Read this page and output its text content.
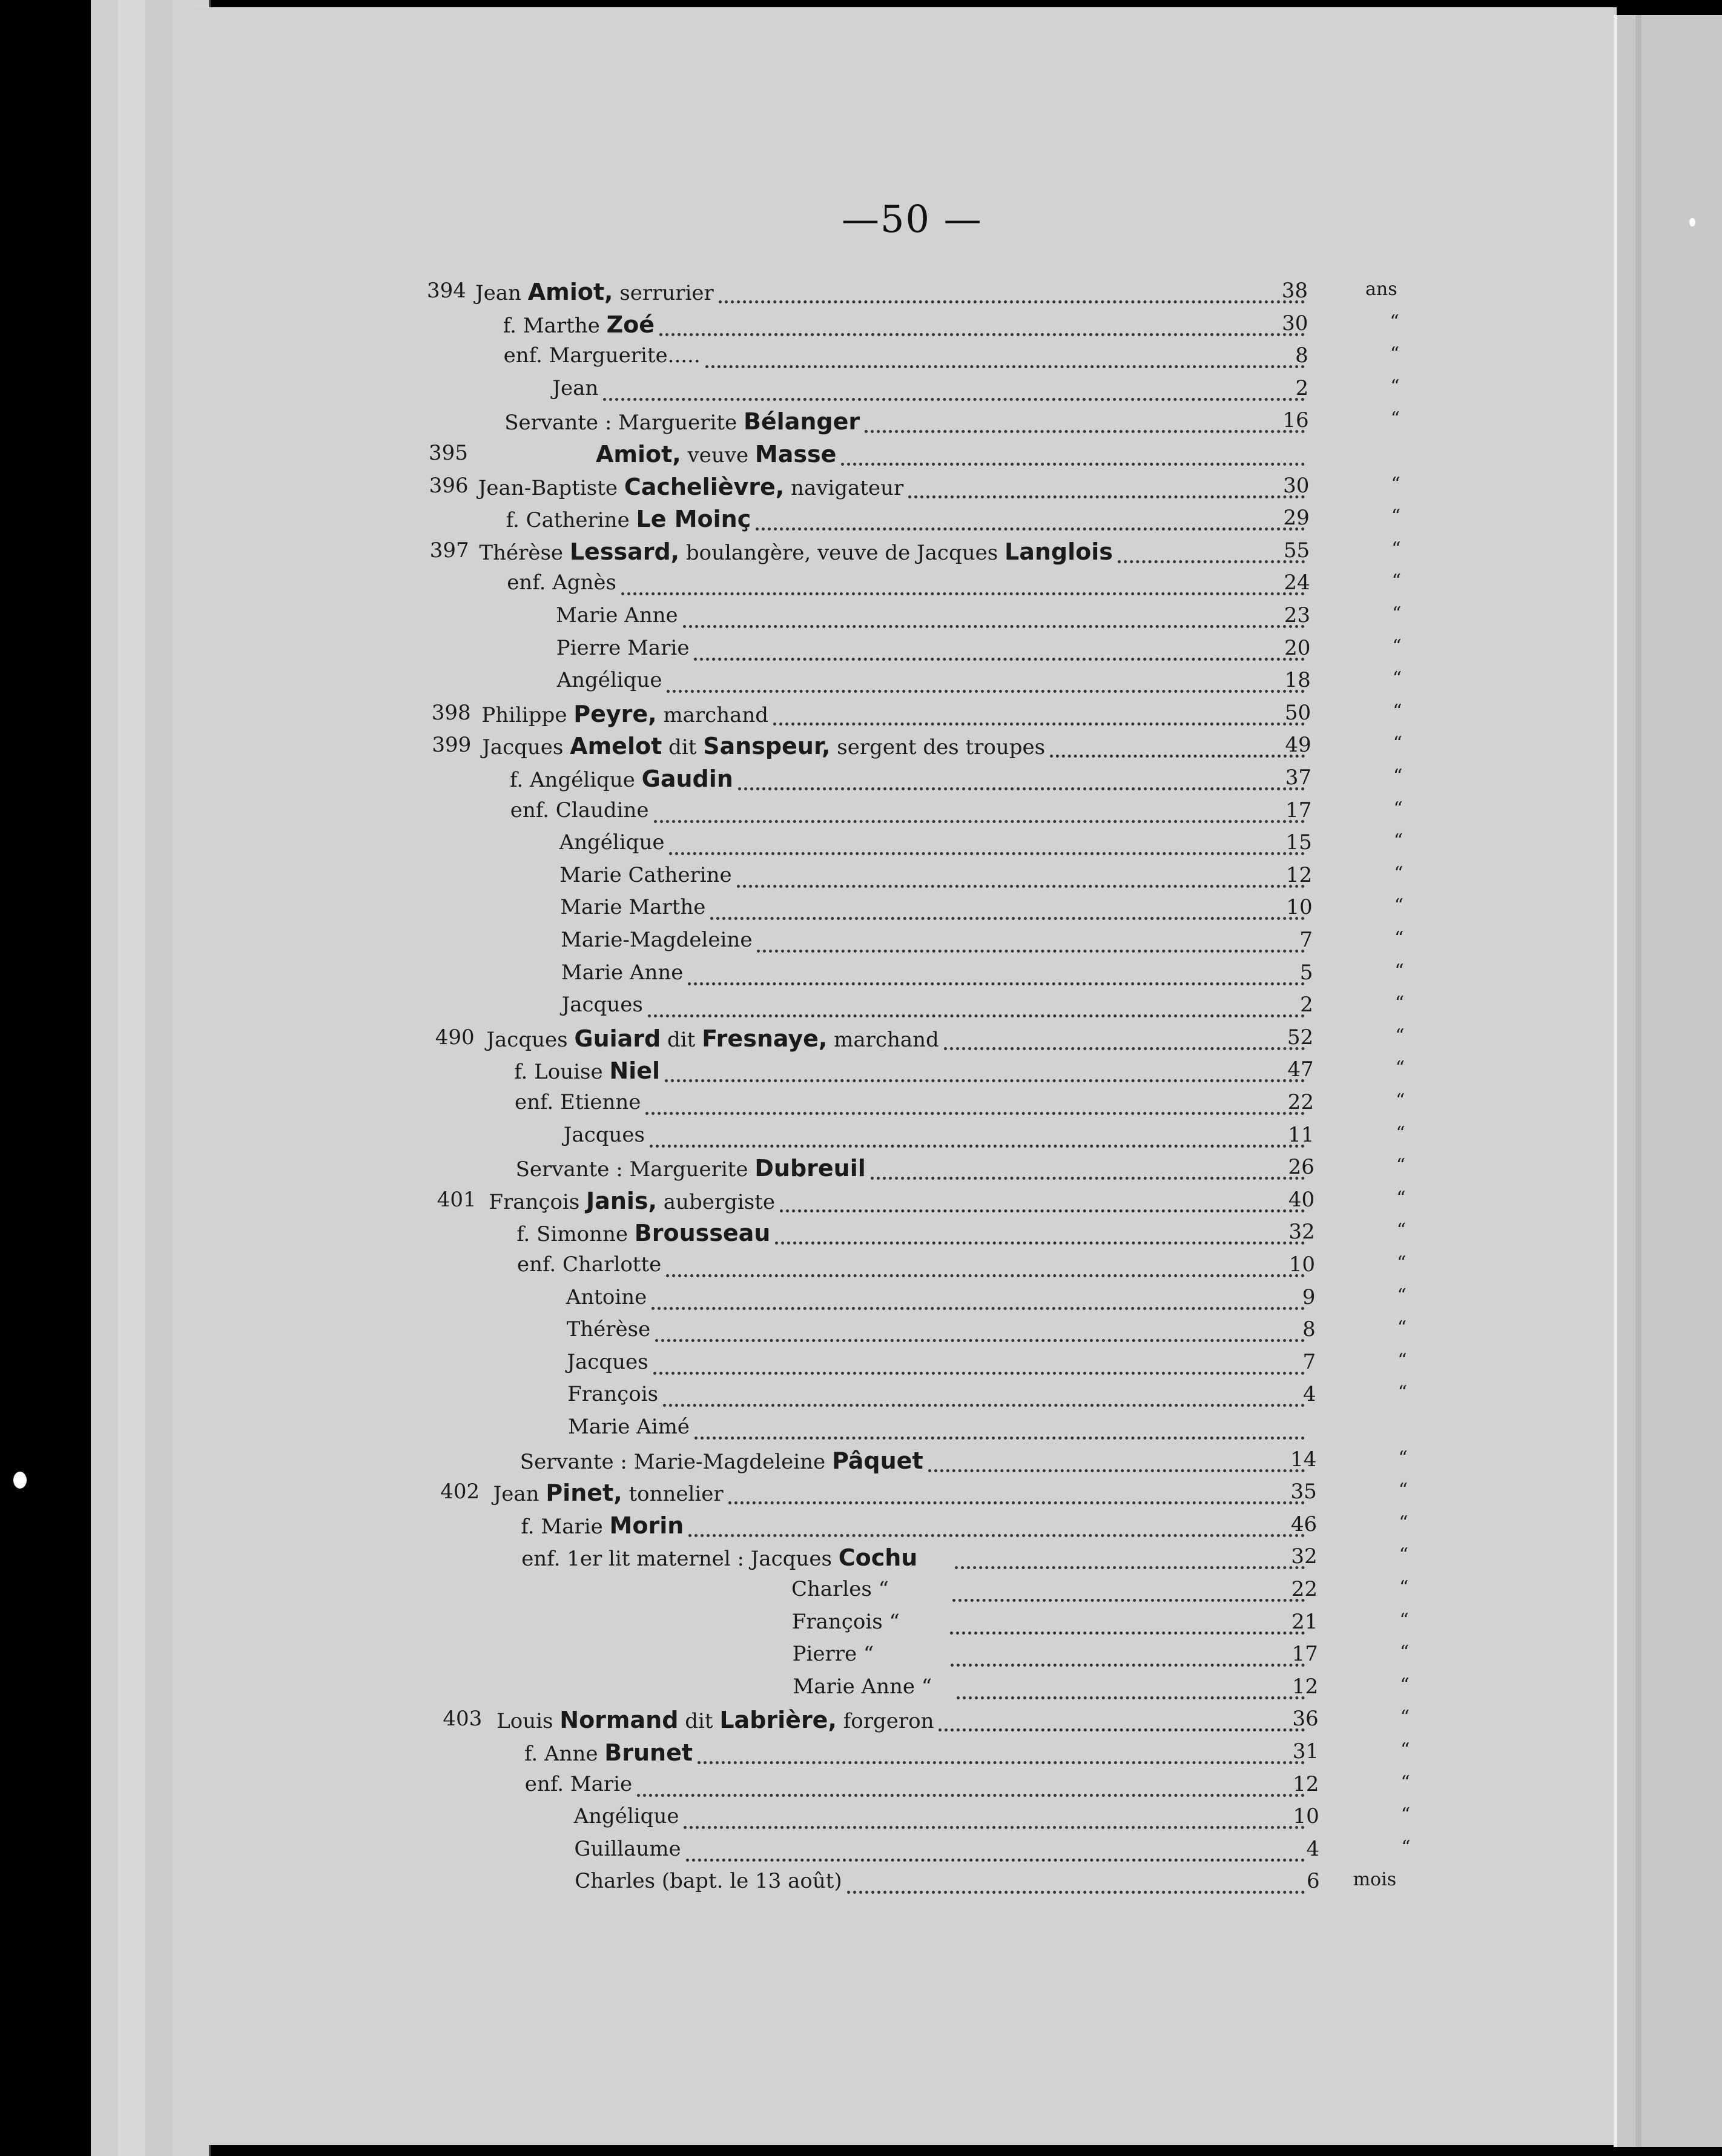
—50 —
394 Jean Amiot, serrurier	38	ans
f. Marthe Zoé	30	“
enf. Marguerite.....	8	“
Jean	2	“
Servante : Marguerite Bélanger	16	“
395	Amiot, veuve Masse
396 Jean-Baptiste Cachelièvre, navigateur	30	“
f. Catherine Le Moinç	29	“
397 Thérèse Lessard, boulangère, veuve de Jacques Langlois	55	“
enf. Agnès	24	“
Marie Anne	23	“
Pierre Marie	20	“
Angélique	18	“
398 Philippe Peyre, marchand	50	“
399 Jacques Amelot dit Sanspeur, sergent des troupes	49	“
f. Angélique Gaudin	37	“
enf. Claudine	17	“
Angélique	15	“
Marie Catherine	12	“
Marie Marthe	10	“
Marie-Magdeleine	7	“
Marie Anne	5	“
Jacques	2	“
490 Jacques Guiard dit Fresnaye, marchand	52	“
f. Louise Niel	47	“
enf. Etienne	22	“
Jacques	11	“
Servante : Marguerite Dubreuil	26	“
401 François Janis, aubergiste	40	“
f. Simonne Brousseau	32	“
enf. Charlotte	10	“
Antoine	9	“
Thérèse	8	“
Jacques	7	“
François	4	“
Marie Aimé
Servante : Marie-Magdeleine Pâquet	14	“
402 Jean Pinet, tonnelier	35	“
f. Marie Morin	46	“
enf. 1er lit maternel : Jacques Cochu	32	“
Charles “	22	“
François “	21	“
Pierre “	17	“
Marie Anne “	12	“
403 Louis Normand dit Labrière, forgeron	36	“
f. Anne Brunet	31	“
enf. Marie	12	“
Angélique	10	“
Guillaume	4	“
Charles (bapt. le 13 août)	6 mois
